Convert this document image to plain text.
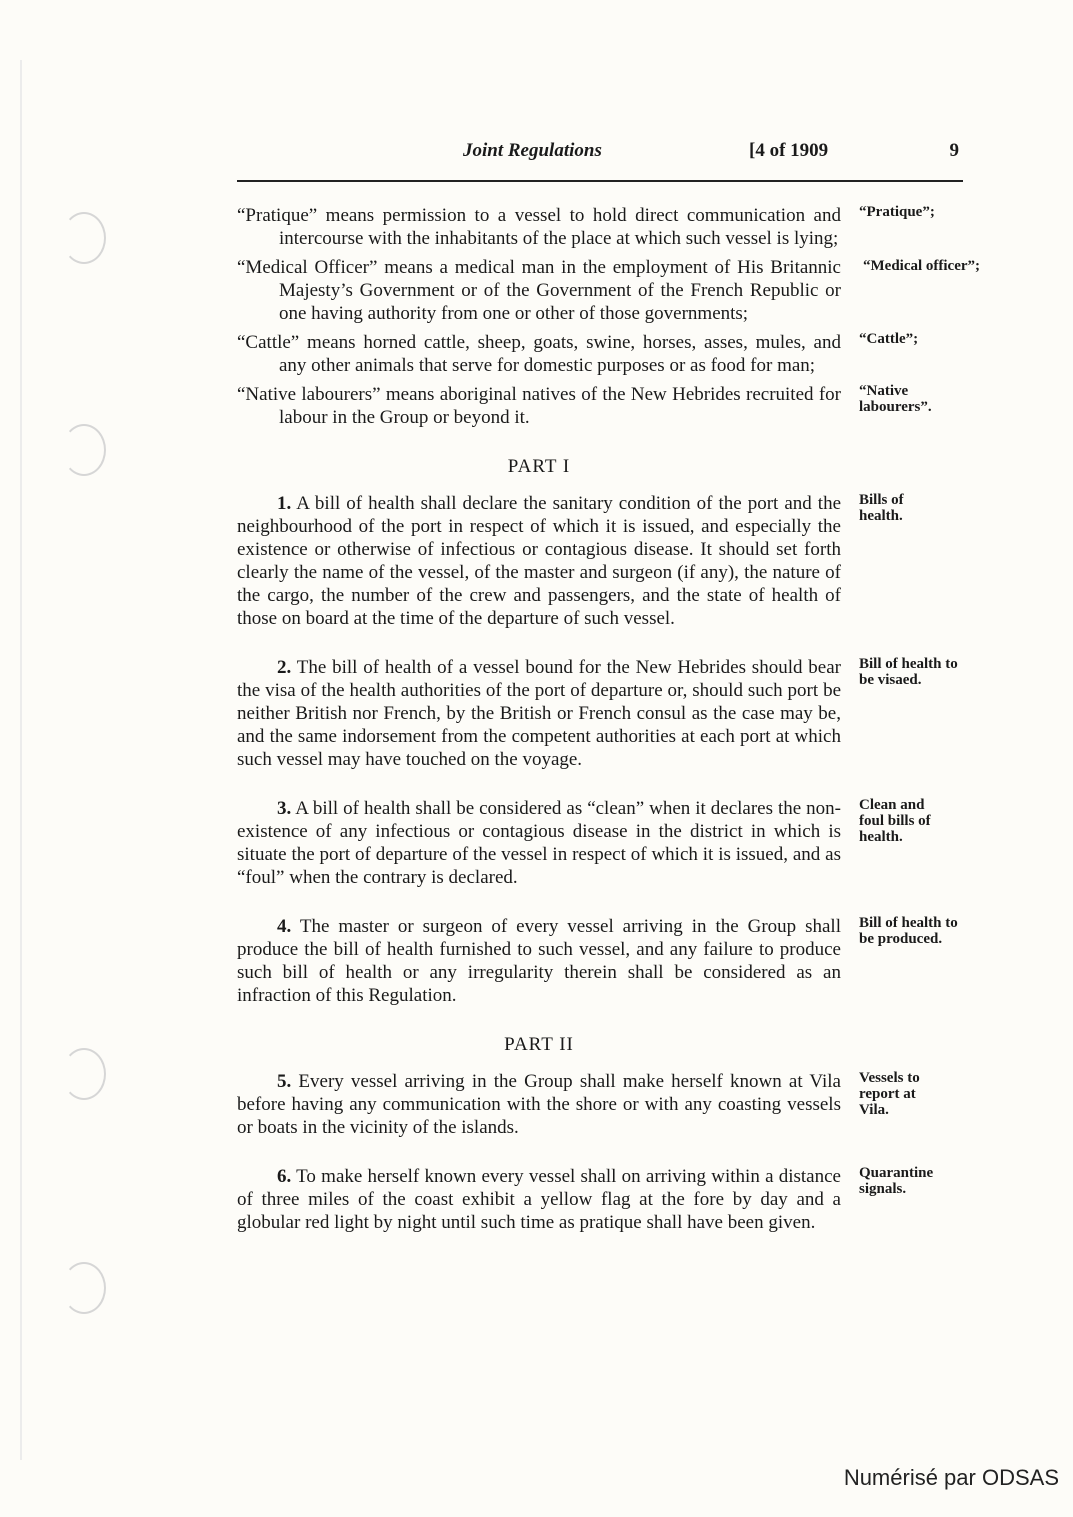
Joint Regulations	[4 of 1909	9
“Pratique” means permission to a vessel to hold direct communication and intercourse with the inhabitants of the place at which such vessel is lying;
“Pratique”;
“Medical Officer” means a medical man in the employment of His Britannic Majesty’s Government or of the Government of the French Republic or one having authority from one or other of those governments;
“Medical officer”;
“Cattle” means horned cattle, sheep, goats, swine, horses, asses, mules, and any other animals that serve for domestic purposes or as food for man;
“Cattle”;
“Native labourers” means aboriginal natives of the New Hebrides recruited for labour in the Group or beyond it.
“Native labourers”.
PART I
1. A bill of health shall declare the sanitary condition of the port and the neighbourhood of the port in respect of which it is issued, and especially the existence or otherwise of infectious or contagious disease. It should set forth clearly the name of the vessel, of the master and surgeon (if any), the nature of the cargo, the number of the crew and passengers, and the state of health of those on board at the time of the departure of such vessel.
Bills of health.
2. The bill of health of a vessel bound for the New Hebrides should bear the visa of the health authorities of the port of departure or, should such port be neither British nor French, by the British or French consul as the case may be, and the same indorsement from the competent authorities at each port at which such vessel may have touched on the voyage.
Bill of health to be visaed.
3. A bill of health shall be considered as “clean” when it declares the non-existence of any infectious or contagious disease in the district in which is situate the port of departure of the vessel in respect of which it is issued, and as “foul” when the contrary is declared.
Clean and foul bills of health.
4. The master or surgeon of every vessel arriving in the Group shall produce the bill of health furnished to such vessel, and any failure to produce such bill of health or any irregularity therein shall be considered as an infraction of this Regulation.
Bill of health to be produced.
PART II
5. Every vessel arriving in the Group shall make herself known at Vila before having any communication with the shore or with any coasting vessels or boats in the vicinity of the islands.
Vessels to report at Vila.
6. To make herself known every vessel shall on arriving within a distance of three miles of the coast exhibit a yellow flag at the fore by day and a globular red light by night until such time as pratique shall have been given.
Quarantine signals.
Numérisé par ODSAS
